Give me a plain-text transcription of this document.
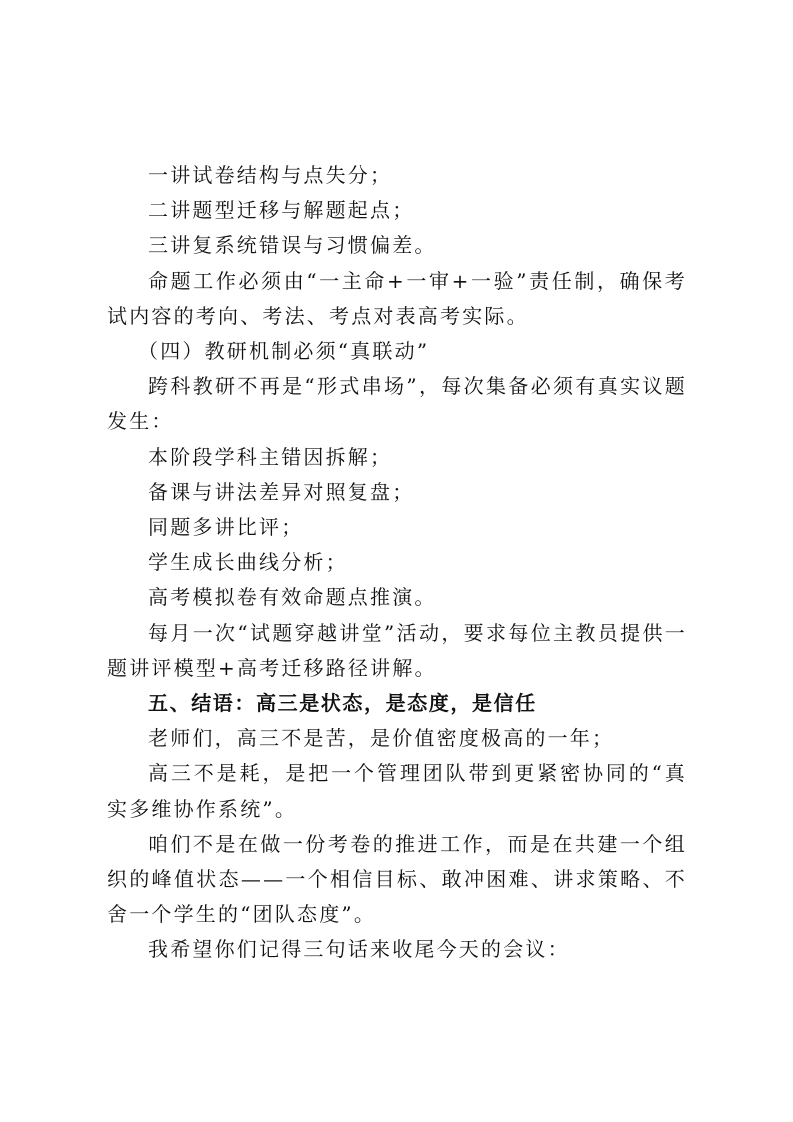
一讲试卷结构与点失分；

二讲题型迁移与解题起点；

三讲复系统错误与习惯偏差。

命题工作必须由“一主命+一审+一验”责任制，确保考试内容的考向、考法、考点对表高考实际。

（四）教研机制必须“真联动”

跨科教研不再是“形式串场”，每次集备必须有真实议题发生：

本阶段学科主错因拆解；

备课与讲法差异对照复盘；

同题多讲比评；

学生成长曲线分析；

高考模拟卷有效命题点推演。

每月一次“试题穿越讲堂”活动，要求每位主教员提供一题讲评模型+高考迁移路径讲解。

五、结语：高三是状态，是态度，是信任

老师们，高三不是苦，是价值密度极高的一年；

高三不是耗，是把一个管理团队带到更紧密协同的“真实多维协作系统”。

咱们不是在做一份考卷的推进工作，而是在共建一个组织的峰值状态——一个相信目标、敢冲困难、讲求策略、不舍一个学生的“团队态度”。

我希望你们记得三句话来收尾今天的会议：
